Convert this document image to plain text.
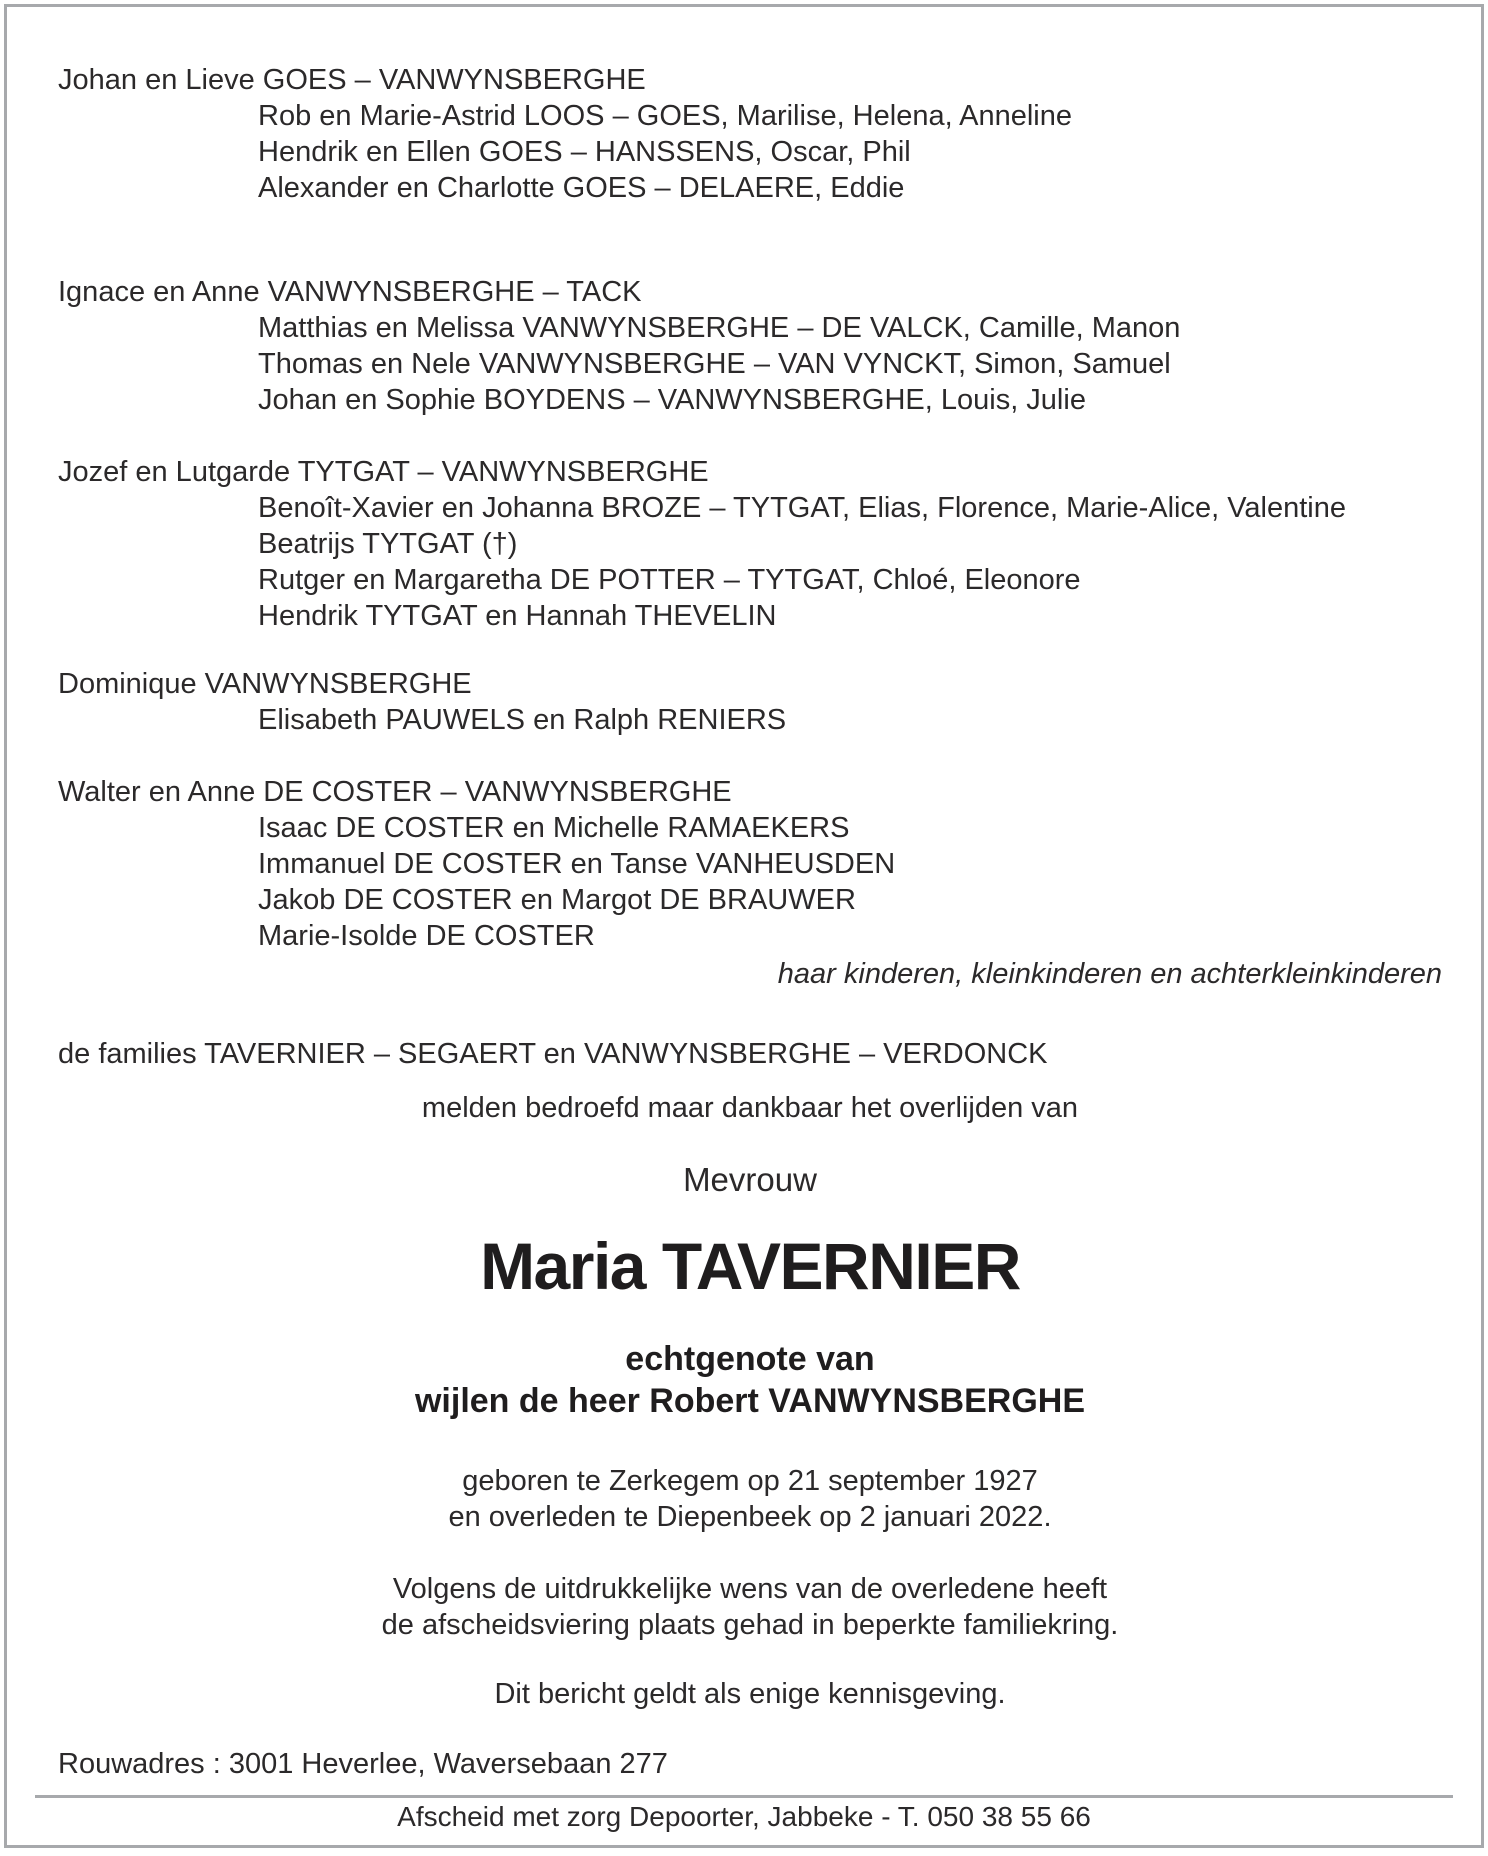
Johan en Lieve GOES – VANWYNSBERGHE
Rob en Marie-Astrid LOOS – GOES, Marilise, Helena, Anneline
Hendrik en Ellen GOES – HANSSENS, Oscar, Phil
Alexander en Charlotte GOES – DELAERE, Eddie
Ignace en Anne VANWYNSBERGHE – TACK
Matthias en Melissa VANWYNSBERGHE – DE VALCK, Camille, Manon
Thomas en Nele VANWYNSBERGHE – VAN VYNCKT, Simon, Samuel
Johan en Sophie BOYDENS – VANWYNSBERGHE, Louis, Julie
Jozef en Lutgarde TYTGAT – VANWYNSBERGHE
Benoît-Xavier en Johanna BROZE – TYTGAT, Elias, Florence, Marie-Alice, Valentine
Beatrijs TYTGAT (†)
Rutger en Margaretha DE POTTER – TYTGAT, Chloé, Eleonore
Hendrik TYTGAT en Hannah THEVELIN
Dominique VANWYNSBERGHE
Elisabeth PAUWELS en Ralph RENIERS
Walter en Anne DE COSTER – VANWYNSBERGHE
Isaac DE COSTER en Michelle RAMAEKERS
Immanuel DE COSTER en Tanse VANHEUSDEN
Jakob DE COSTER en Margot DE BRAUWER
Marie-Isolde DE COSTER
haar kinderen, kleinkinderen en achterkleinkinderen
de families TAVERNIER – SEGAERT en VANWYNSBERGHE – VERDONCK
melden bedroefd maar dankbaar het overlijden van
Mevrouw
Maria TAVERNIER
echtgenote van
wijlen de heer Robert VANWYNSBERGHE
geboren te Zerkegem op 21 september 1927
en overleden te Diepenbeek op 2 januari 2022.
Volgens de uitdrukkelijke wens van de overledene heeft
de afscheidsviering plaats gehad in beperkte familiekring.
Dit bericht geldt als enige kennisgeving.
Rouwadres : 3001 Heverlee, Waversebaan 277
Afscheid met zorg Depoorter, Jabbeke - T. 050 38 55 66
